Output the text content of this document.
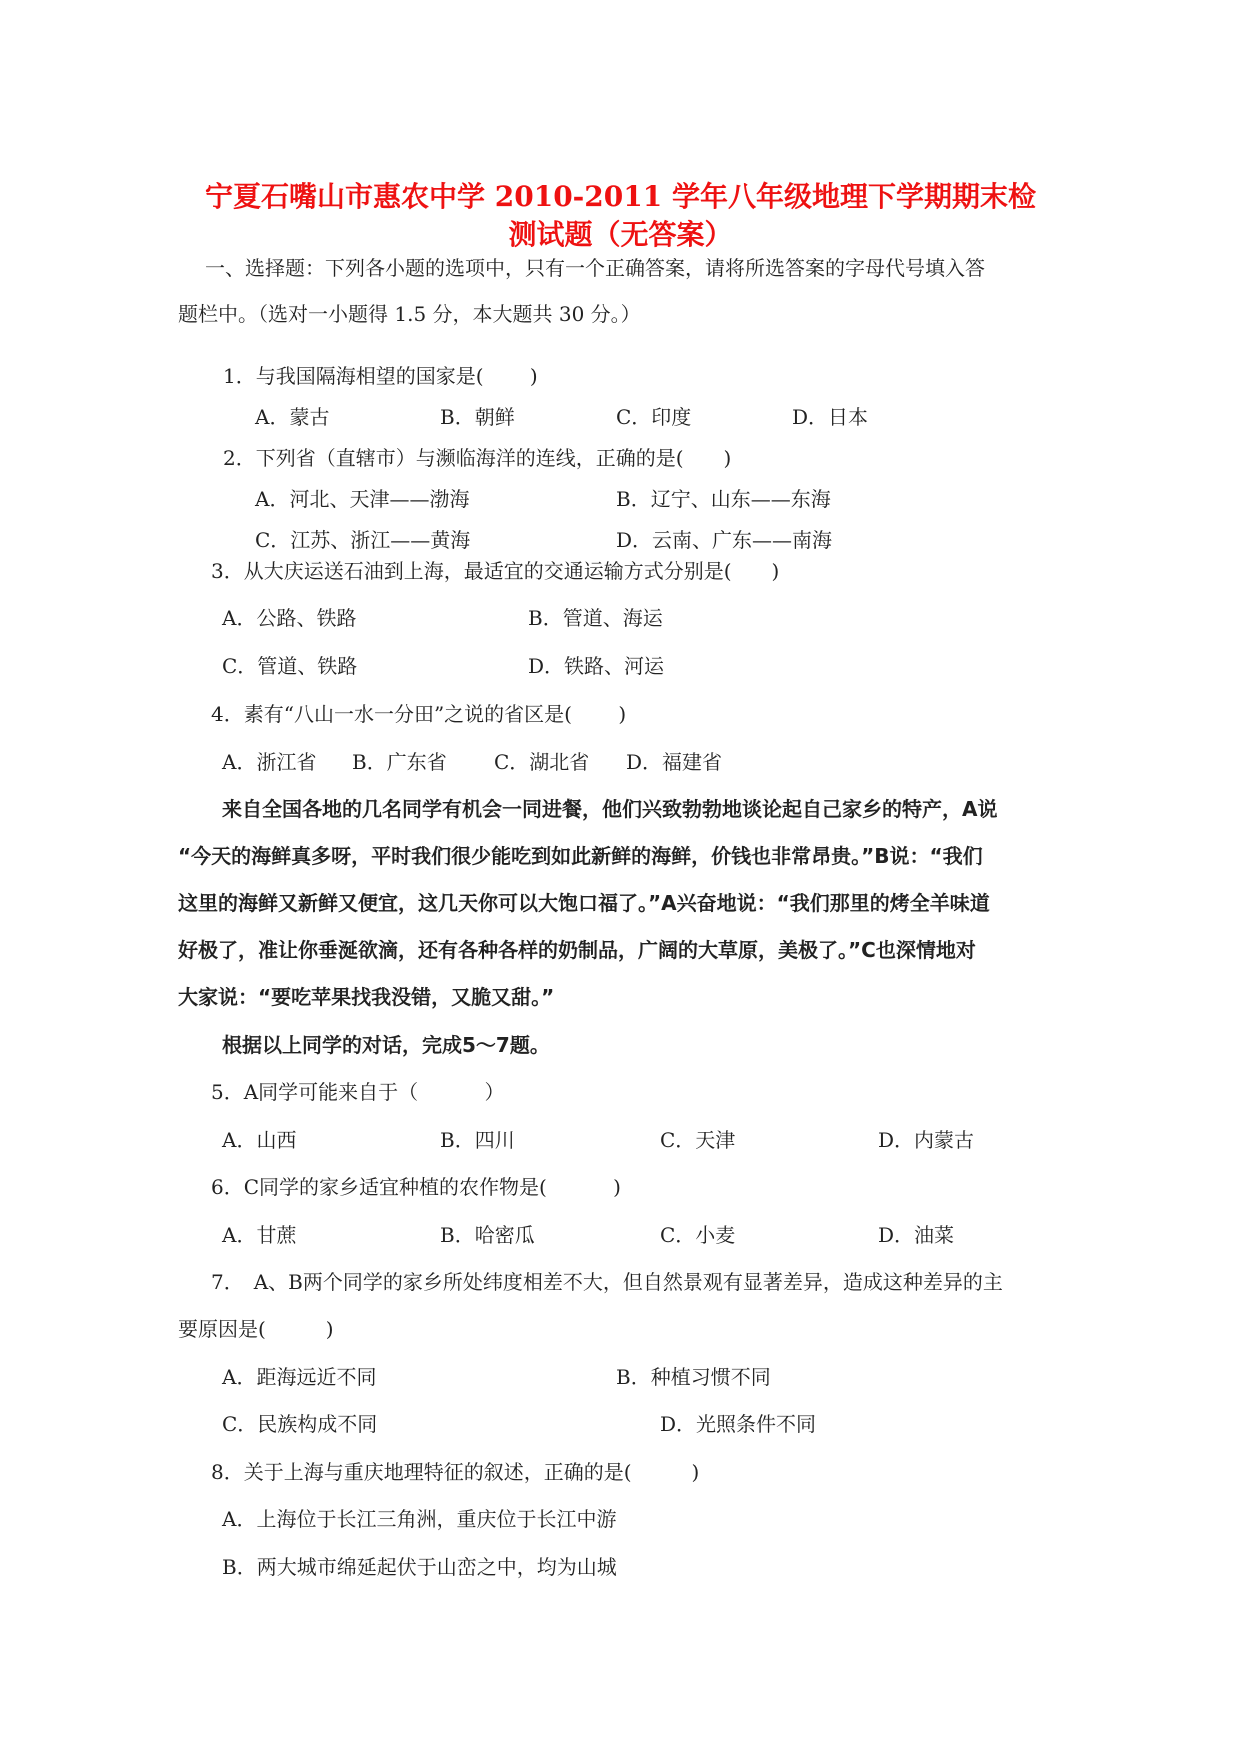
宁夏石嘴山市惠农中学 2010-2011 学年八年级地理下学期期末检
测试题（无答案）
一、选择题：下列各小题的选项中，只有一个正确答案，请将所选答案的字母代号填入答
题栏中。（选对一小题得 1.5 分，本大题共 30 分。）
1．与我国隔海相望的国家是(　　 )
A．蒙古	B．朝鲜	C．印度	D．日本
2．下列省（直辖市）与濒临海洋的连线，正确的是(　　)
A．河北、天津——渤海	B．辽宁、山东——东海
C．江苏、浙江——黄海	D．云南、广东——南海
3．从大庆运送石油到上海，最适宜的交通运输方式分别是(　　)
A．公路、铁路	B．管道、海运
C．管道、铁路	D．铁路、河运
4．素有“八山一水一分田”之说的省区是(　　 )
A．浙江省 B．广东省 C．湖北省 D．福建省
来自全国各地的几名同学有机会一同进餐，他们兴致勃勃地谈论起自己家乡的特产，A说
“今天的海鲜真多呀，平时我们很少能吃到如此新鲜的海鲜，价钱也非常昂贵。”B说：“我们
这里的海鲜又新鲜又便宜，这几天你可以大饱口福了。”A兴奋地说：“我们那里的烤全羊味道
好极了，准让你垂涎欲滴，还有各种各样的奶制品，广阔的大草原，美极了。”C也深情地对
大家说：“要吃苹果找我没错，又脆又甜。”
根据以上同学的对话，完成5～7题。
5．A同学可能来自于（　　 　）
A．山西	B．四川	C．天津	D．内蒙古
6．C同学的家乡适宜种植的农作物是(　　　 )
A．甘蔗	B．哈密瓜	C．小麦	D．油菜
7．　A、B两个同学的家乡所处纬度相差不大，但自然景观有显著差异，造成这种差异的主
要原因是(　　　)
A．距海远近不同	B．种植习惯不同
C．民族构成不同	D．光照条件不同
8．关于上海与重庆地理特征的叙述，正确的是(　　　)
A．上海位于长江三角洲，重庆位于长江中游
B．两大城市绵延起伏于山峦之中，均为山城
